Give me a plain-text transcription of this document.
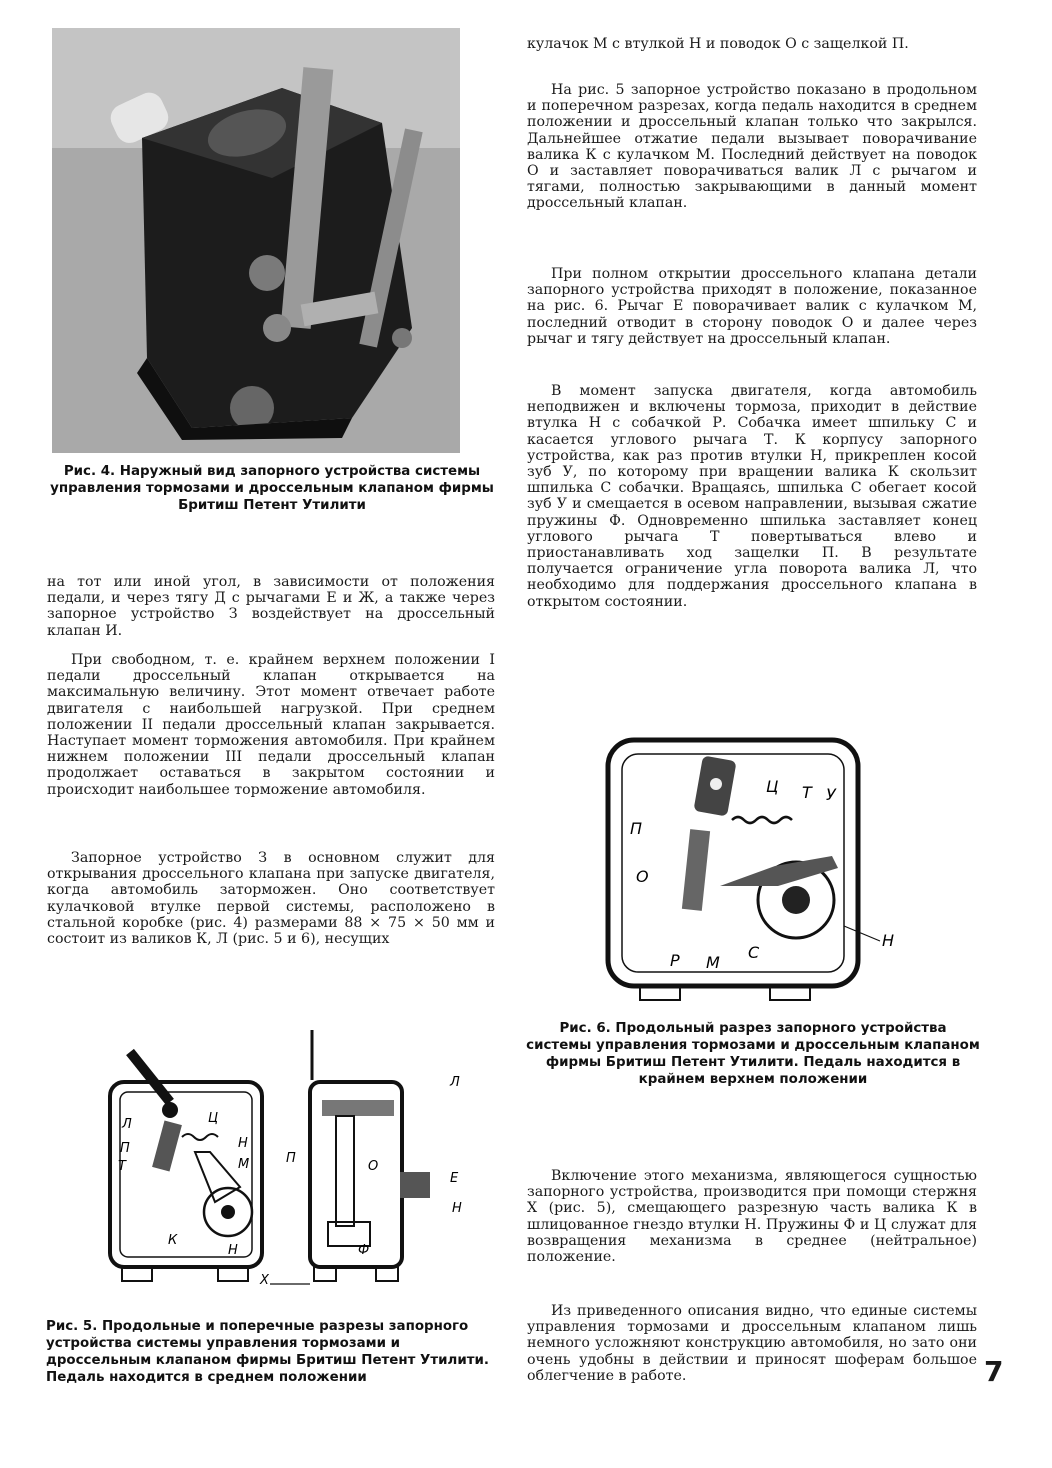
Рис. 4. Наружный вид запорного устройства системы управления тормозами и дроссельным клапаном фирмы Бритиш Петент Утилити

на тот или иной угол, в зависимости от положения педали, и через тягу Д с рычагами Е и Ж, а также через запорное устройство З воздействует на дроссельный клапан И.

При свободном, т. е. крайнем верхнем положении I педали дроссельный клапан открывается на максимальную величину. Этот момент отвечает работе двигателя с наибольшей нагрузкой. При среднем положении II педали дроссельный клапан закрывается. Наступает момент торможения автомобиля. При крайнем нижнем положении III педали дроссельный клапан продолжает оставаться в закрытом состоянии и происходит наибольшее торможение автомобиля.

Запорное устройство З в основном служит для открывания дроссельного клапана при запуске двигателя, когда автомобиль заторможен. Оно соответствует кулачковой втулке первой системы, расположено в стальной коробке (рис. 4) размерами 88 × 75 × 50 мм и состоит из валиков К, Л (рис. 5 и 6), несущих

Л	Ц
П
Т
Н
М
К
Н
Л
П
О
Е
Н
Ф
Х

Рис. 5. Продольные и поперечные разрезы запорного устройства системы управления тормозами и дроссельным клапаном фирмы Бритиш Петент Утилити. Педаль находится в среднем положении

кулачок М с втулкой Н и поводок О с защелкой П.

На рис. 5 запорное устройство показано в продольном и поперечном разрезах, когда педаль находится в среднем положении и дроссельный клапан только что закрылся. Дальнейшее отжатие педали вызывает поворачивание валика К с кулачком М. Последний действует на поводок О и заставляет поворачиваться валик Л с рычагом и тягами, полностью закрывающими в данный момент дроссельный клапан.

При полном открытии дроссельного клапана детали запорного устройства приходят в положение, показанное на рис. 6. Рычаг Е поворачивает валик с кулачком М, последний отводит в сторону поводок О и далее через рычаг и тягу действует на дроссельный клапан.

В момент запуска двигателя, когда автомобиль неподвижен и включены тормоза, приходит в действие втулка Н с собачкой Р. Собачка имеет шпильку С и касается углового рычага Т. К корпусу запорного устройства, как раз против втулки Н, прикреплен косой зуб У, по которому при вращении валика К скользит шпилька С собачки. Вращаясь, шпилька С обегает косой зуб У и смещается в осевом направлении, вызывая сжатие пружины Ф. Одновременно шпилька заставляет конец углового рычага Т повертываться влево и приостанавливать ход защелки П. В результате получается ограничение угла поворота валика Л, что необходимо для поддержания дроссельного клапана в открытом состоянии.

Ц Т У
П
О
Р М
С
Н

Рис. 6. Продольный разрез запорного устройства системы управления тормозами и дроссельным клапаном фирмы Бритиш Петент Утилити. Педаль находится в крайнем верхнем положении

Включение этого механизма, являющегося сущностью запорного устройства, производится при помощи стержня Х (рис. 5), смещающего разрезную часть валика К в шлицованное гнездо втулки Н. Пружины Ф и Ц служат для возвращения механизма в среднее (нейтральное) положение.

Из приведенного описания видно, что единые системы управления тормозами и дроссельным клапаном лишь немного усложняют конструкцию автомобиля, но зато они очень удобны в действии и приносят шоферам большое облегчение в работе.	7
